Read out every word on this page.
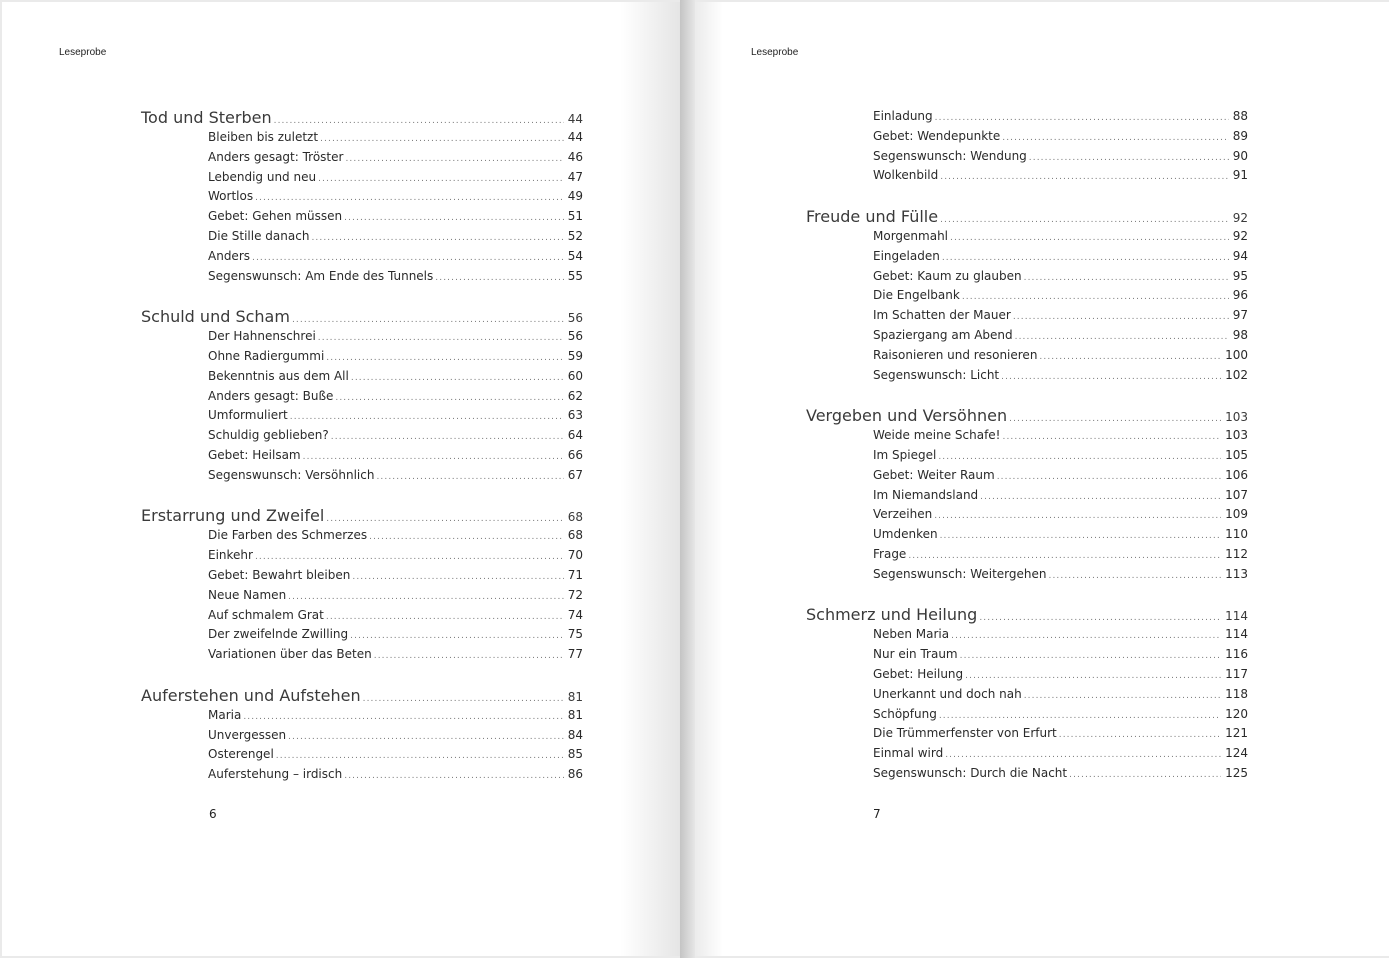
Leseprobe
Tod und Sterben .....	44
Bleiben bis zuletzt .....	44
Anders gesagt: Tröster .....	46
Lebendig und neu .....	47
Wortlos .....	49
Gebet: Gehen müssen .....	51
Die Stille danach .....	52
Anders .....	54
Segenswunsch: Am Ende des Tunnels .....	55
Schuld und Scham .....	56
Der Hahnenschrei .....	56
Ohne Radiergummi .....	59
Bekenntnis aus dem All .....	60
Anders gesagt: Buße .....	62
Umformuliert .....	63
Schuldig geblieben? .....	64
Gebet: Heilsam .....	66
Segenswunsch: Versöhnlich .....	67
Erstarrung und Zweifel .....	68
Die Farben des Schmerzes .....	68
Einkehr .....	70
Gebet: Bewahrt bleiben .....	71
Neue Namen .....	72
Auf schmalem Grat .....	74
Der zweifelnde Zwilling .....	75
Variationen über das Beten .....	77
Auferstehen und Aufstehen .....	81
Maria .....	81
Unvergessen .....	84
Osterengel .....	85
Auferstehung – irdisch .....	86
6
Leseprobe
Einladung .....	88
Gebet: Wendepunkte .....	89
Segenswunsch: Wendung .....	90
Wolkenbild .....	91
Freude und Fülle .....	92
Morgenmahl .....	92
Eingeladen .....	94
Gebet: Kaum zu glauben .....	95
Die Engelbank .....	96
Im Schatten der Mauer .....	97
Spaziergang am Abend .....	98
Raisonieren und resonieren .....	100
Segenswunsch: Licht .....	102
Vergeben und Versöhnen .....	103
Weide meine Schafe! .....	103
Im Spiegel .....	105
Gebet: Weiter Raum .....	106
Im Niemandsland .....	107
Verzeihen .....	109
Umdenken .....	110
Frage .....	112
Segenswunsch: Weitergehen .....	113
Schmerz und Heilung .....	114
Neben Maria .....	114
Nur ein Traum .....	116
Gebet: Heilung .....	117
Unerkannt und doch nah .....	118
Schöpfung .....	120
Die Trümmerfenster von Erfurt .....	121
Einmal wird .....	124
Segenswunsch: Durch die Nacht .....	125
7
